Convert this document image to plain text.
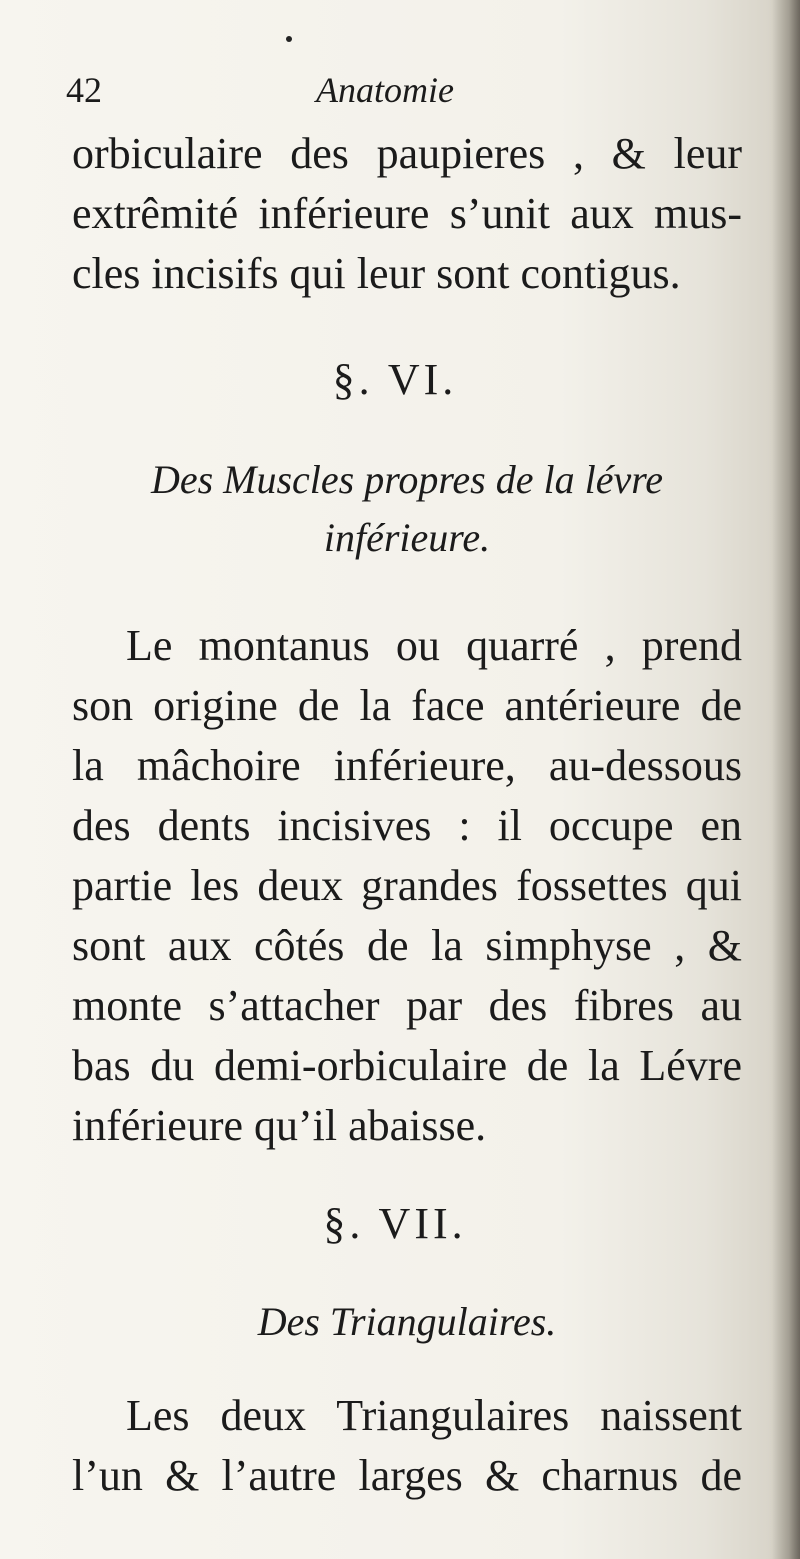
42	Anatomie
orbiculaire des paupieres , & leur
extrêmité inférieure s’unit aux mus-
cles incisifs qui leur sont contigus.
§. VI.
Des Muscles propres de la lévre
inférieure.
Le montanus ou quarré , prend
son origine de la face antérieure de
la mâchoire inférieure, au-dessous
des dents incisives : il occupe en
partie les deux grandes fossettes qui
sont aux côtés de la simphyse , &
monte s’attacher par des fibres au
bas du demi-orbiculaire de la Lévre
inférieure qu’il abaisse.
§. VII.
Des Triangulaires.
Les deux Triangulaires naissent
l’un & l’autre larges & charnus de
